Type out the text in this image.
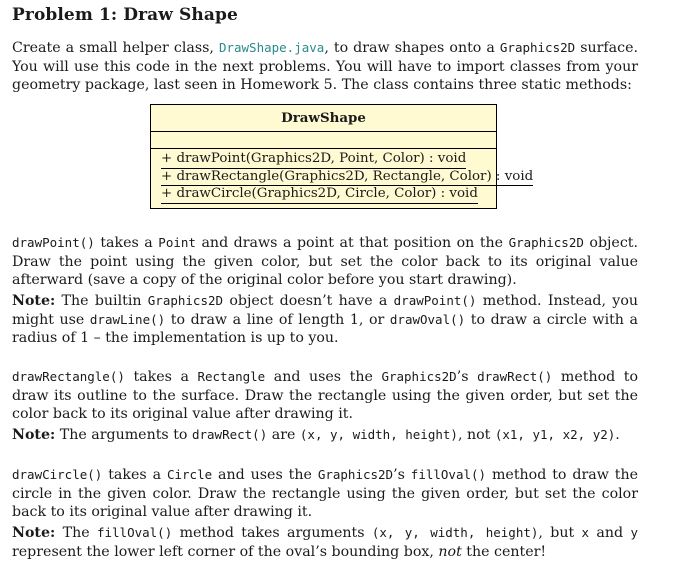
Problem 1: Draw Shape

Create a small helper class, DrawShape.java, to draw shapes onto a Graphics2D surface. You will use this code in the next problems. You will have to import classes from your geometry package, last seen in Homework 5. The class contains three static methods:

DrawShape
+ drawPoint(Graphics2D, Point, Color) : void
+ drawRectangle(Graphics2D, Rectangle, Color) : void
+ drawCircle(Graphics2D, Circle, Color) : void

drawPoint() takes a Point and draws a point at that position on the Graphics2D object. Draw the point using the given color, but set the color back to its original value afterward (save a copy of the original color before you start drawing).

Note: The builtin Graphics2D object doesn’t have a drawPoint() method. Instead, you might use drawLine() to draw a line of length 1, or drawOval() to draw a circle with a radius of 1 – the implementation is up to you.

drawRectangle() takes a Rectangle and uses the Graphics2D’s drawRect() method to draw its outline to the surface. Draw the rectangle using the given order, but set the color back to its original value after drawing it.

Note: The arguments to drawRect() are (x, y, width, height), not (x1, y1, x2, y2).

drawCircle() takes a Circle and uses the Graphics2D’s fillOval() method to draw the circle in the given color. Draw the rectangle using the given order, but set the color back to its original value after drawing it.

Note: The fillOval() method takes arguments (x, y, width, height), but x and y represent the lower left corner of the oval’s bounding box, not the center!
